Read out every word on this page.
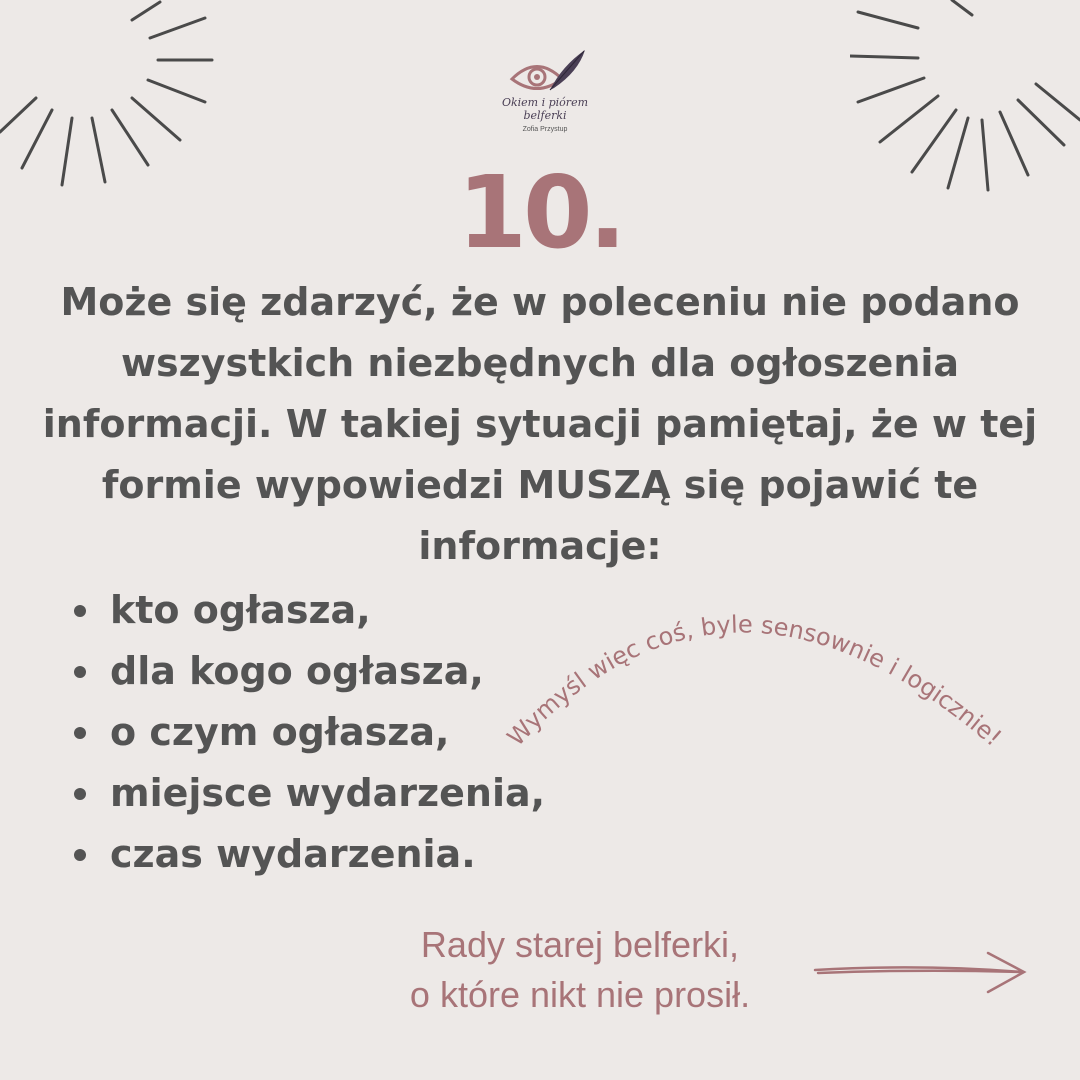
Okiem i piórem
belferki
Zofia Przystup
10.

Może się zdarzyć, że w poleceniu nie podano wszystkich niezbędnych dla ogłoszenia informacji. W takiej sytuacji pamiętaj, że w tej formie wypowiedzi MUSZĄ się pojawić te informacje:

kto ogłasza,
dla kogo ogłasza,
o czym ogłasza,
miejsce wydarzenia,
czas wydarzenia.
Wymyśl więc coś, byle sensownie i logicznie!
Rady starej belferki,
o które nikt nie prosił.
